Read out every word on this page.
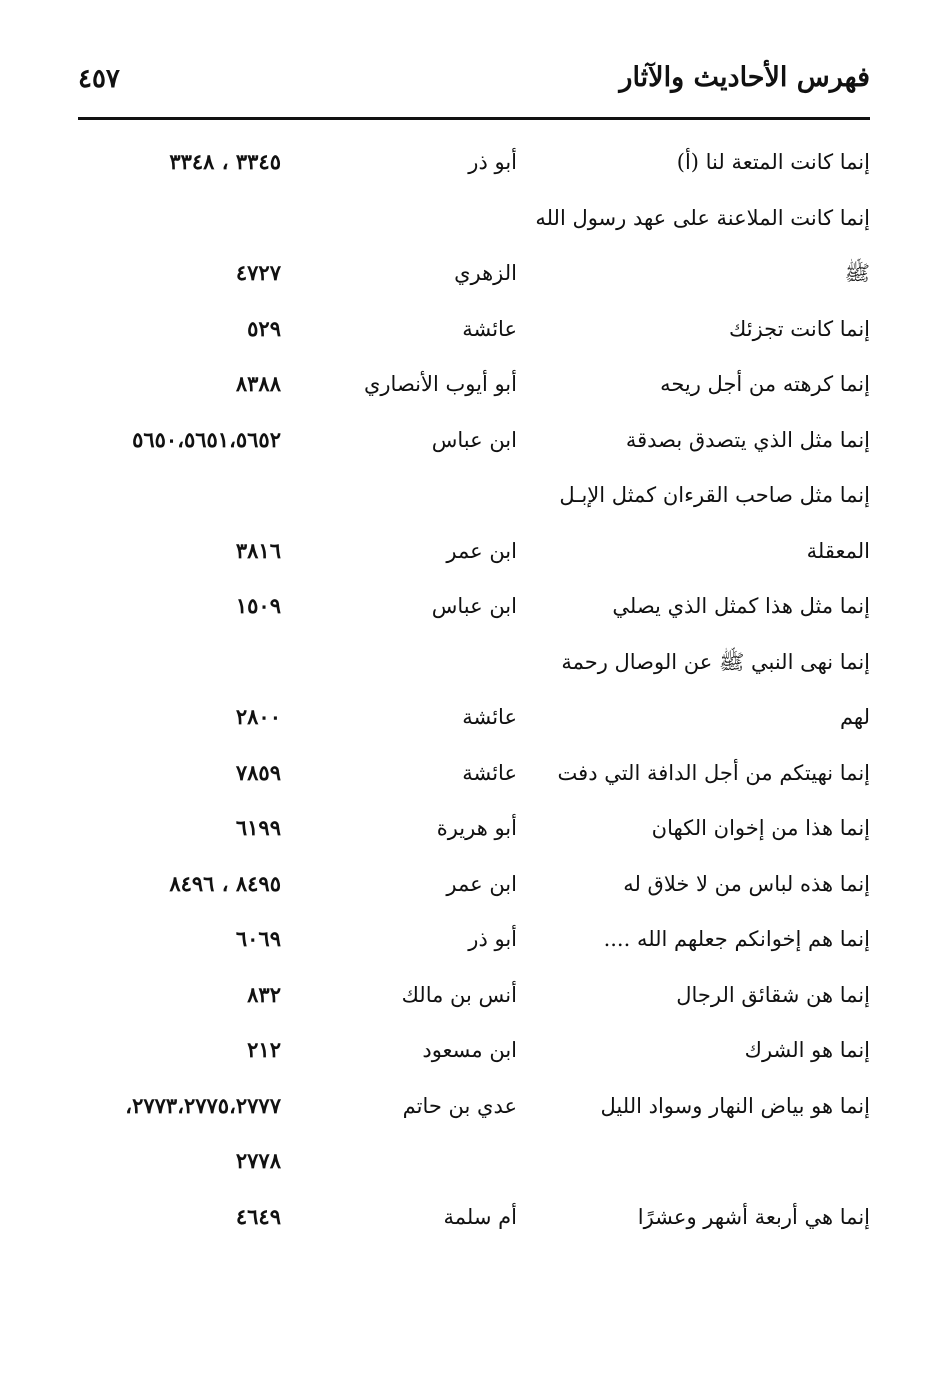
فهرس الأحاديث والآثار
٤٥٧
إنما كانت المتعة لنا (أ)
أبو ذر
٣٣٤٥ ، ٣٣٤٨
إنما كانت الملاعنة على عهد رسول الله
ﷺ
الزهري
٤٧٢٧
إنما كانت تجزئك
عائشة
٥٢٩
إنما كرهته من أجل ريحه
أبو أيوب الأنصاري
٨٣٨٨
إنما مثل الذي يتصدق بصدقة
ابن عباس
٥٦٥٠،٥٦٥١،٥٦٥٢
إنما مثل صاحب القرءان كمثل الإبـل
المعقلة
ابن عمر
٣٨١٦
إنما مثل هذا كمثل الذي يصلي
ابن عباس
١٥٠٩
إنما نهى النبي ﷺ عن الوصال رحمة
لهم
عائشة
٢٨٠٠
إنما نهيتكم من أجل الدافة التي دفت
عائشة
٧٨٥٩
إنما هذا من إخوان الكهان
أبو هريرة
٦١٩٩
إنما هذه لباس من لا خلاق له
ابن عمر
٨٤٩٥ ، ٨٤٩٦
إنما هم إخوانكم جعلهم الله ....
أبو ذر
٦٠٦٩
إنما هن شقائق الرجال
أنس بن مالك
٨٣٢
إنما هو الشرك
ابن مسعود
٢١٢
إنما هو بياض النهار وسواد الليل
عدي بن حاتم
٢٧٧٣،٢٧٧٥،٢٧٧٧،
٢٧٧٨
إنما هي أربعة أشهر وعشرًا
أم سلمة
٤٦٤٩
